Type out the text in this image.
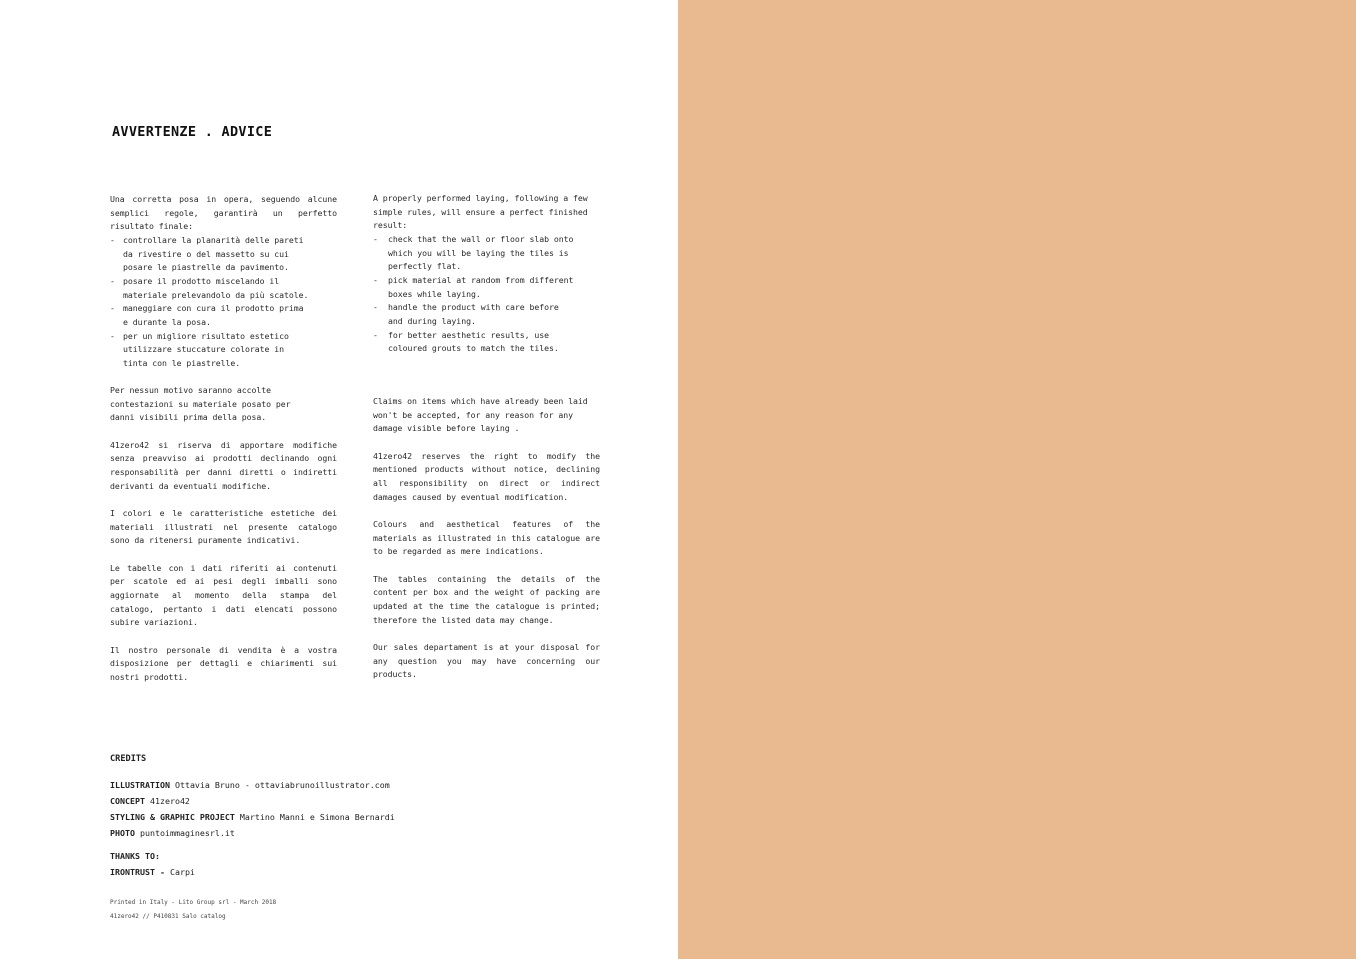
AVVERTENZE . ADVICE

Una corretta posa in opera, seguendo alcune semplici regole, garantirà un perfetto risultato finale:

- controllare la planarità delle pareti da rivestire o del massetto su cui posare le piastrelle da pavimento.
- posare il prodotto miscelando il materiale prelevandolo da più scatole.
- maneggiare con cura il prodotto prima e durante la posa.
- per un migliore risultato estetico utilizzare stuccature colorate in tinta con le piastrelle.

Per nessun motivo saranno accolte contestazioni su materiale posato per danni visibili prima della posa.

41zero42 si riserva di apportare modifiche senza preavviso ai prodotti declinando ogni responsabilità per danni diretti o indiretti derivanti da eventuali modifiche.

I colori e le caratteristiche estetiche dei materiali illustrati nel presente catalogo sono da ritenersi puramente indicativi.

Le tabelle con i dati riferiti ai contenuti per scatole ed ai pesi degli imballi sono aggiornate al momento della stampa del catalogo, pertanto i dati elencati possono subire variazioni.

Il nostro personale di vendita è a vostra disposizione per dettagli e chiarimenti sui nostri prodotti.

A properly performed laying, following a few simple rules, will ensure a perfect finished result:

- check that the wall or floor slab onto which you will be laying the tiles is perfectly flat.
- pick material at random from different boxes while laying.
- handle the product with care before and during laying.
- for better aesthetic results, use coloured grouts to match the tiles.

Claims on items which have already been laid won't be accepted, for any reason for any damage visible before laying .

41zero42 reserves the right to modify the mentioned products without notice, declining all responsibility on direct or indirect damages caused by eventual modification.

Colours and aesthetical features of the materials as illustrated in this catalogue are to be regarded as mere indications.

The tables containing the details of the content per box and the weight of packing are updated at the time the catalogue is printed; therefore the listed data may change.

Our sales departament is at your disposal for any question you may have concerning our products.

CREDITS
ILLUSTRATION Ottavia Bruno - ottaviabrunoillustrator.com
CONCEPT 41zero42
STYLING & GRAPHIC PROJECT Martino Manni e Simona Bernardi
PHOTO puntoimmaginesrl.it
THANKS TO:
IRONTRUST - Carpi
Printed in Italy - Lito Group srl - March 2018
41zero42 // P410831 Salo catalog
